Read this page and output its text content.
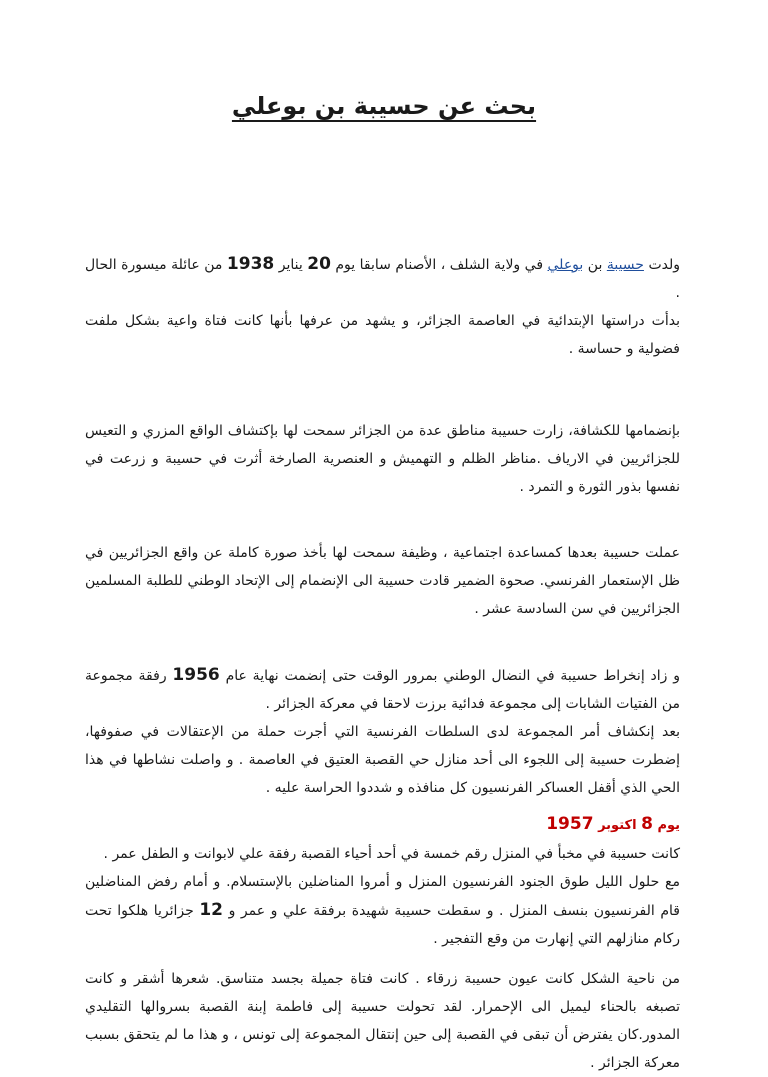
بحث عن حسيبة بن بوعلي

ولدت حسيبة بن بوعلي في ولاية الشلف ، الأصنام سابقا يوم 20 يناير 1938 من عائلة ميسورة الحال .

بدأت دراستها الإبتدائية في العاصمة الجزائر، و يشهد من عرفها بأنها كانت فتاة واعية بشكل ملفت فضولية و حساسة .

بإنضمامها للكشافة، زارت حسيبة مناطق عدة من الجزائر سمحت لها بإكتشاف الواقع المزري و التعيس للجزائريين في الارياف .مناظر الظلم و التهميش و العنصرية الصارخة أثرت في حسيبة و زرعت في نفسها بذور الثورة و التمرد .

عملت حسيبة بعدها كمساعدة اجتماعية ، وظيفة سمحت لها بأخذ صورة كاملة عن واقع الجزائريين في ظل الإستعمار الفرنسي. صحوة الضمير قادت حسيبة الى الإنضمام إلى الإتحاد الوطني للطلبة المسلمين الجزائريين في سن السادسة عشر .

و زاد إنخراط حسيبة في النضال الوطني بمرور الوقت حتى إنضمت نهاية عام 1956 رفقة مجموعة من الفتيات الشابات إلى مجموعة فدائية برزت لاحقا في معركة الجزائر .

بعد إنكشاف أمر المجموعة لدى السلطات الفرنسية التي أجرت حملة من الإعتقالات في صفوفها، إضطرت حسيبة إلى اللجوء الى أحد منازل حي القصبة العتيق في العاصمة . و واصلت نشاطها في هذا الحي الذي أقفل العساكر الفرنسيون كل منافذه و شددوا الحراسة عليه .

يوم 8 اكتوبر 1957

كانت حسيبة في مخبأ في المنزل رقم خمسة في أحد أحياء القصبة رفقة علي لابوانت و الطفل عمر .

مع حلول الليل طوق الجنود الفرنسيون المنزل و أمروا المناضلين بالإستسلام. و أمام رفض المناضلين قام الفرنسيون بنسف المنزل . و سقطت حسيبة شهيدة برفقة علي و عمر و 12 جزائريا هلكوا تحت ركام منازلهم التي إنهارت من وقع التفجير .

من ناحية الشكل كانت عيون حسيبة زرقاء . كانت فتاة جميلة بجسد متناسق. شعرها أشقر و كانت تصبغه بالحناء ليميل الى الإحمرار. لقد تحولت حسيبة إلى فاطمة إبنة القصبة بسروالها التقليدي المدور.كان يفترض أن تبقى في القصبة إلى حين إنتقال المجموعة إلى تونس ، و هذا ما لم يتحقق بسبب معركة الجزائر .
